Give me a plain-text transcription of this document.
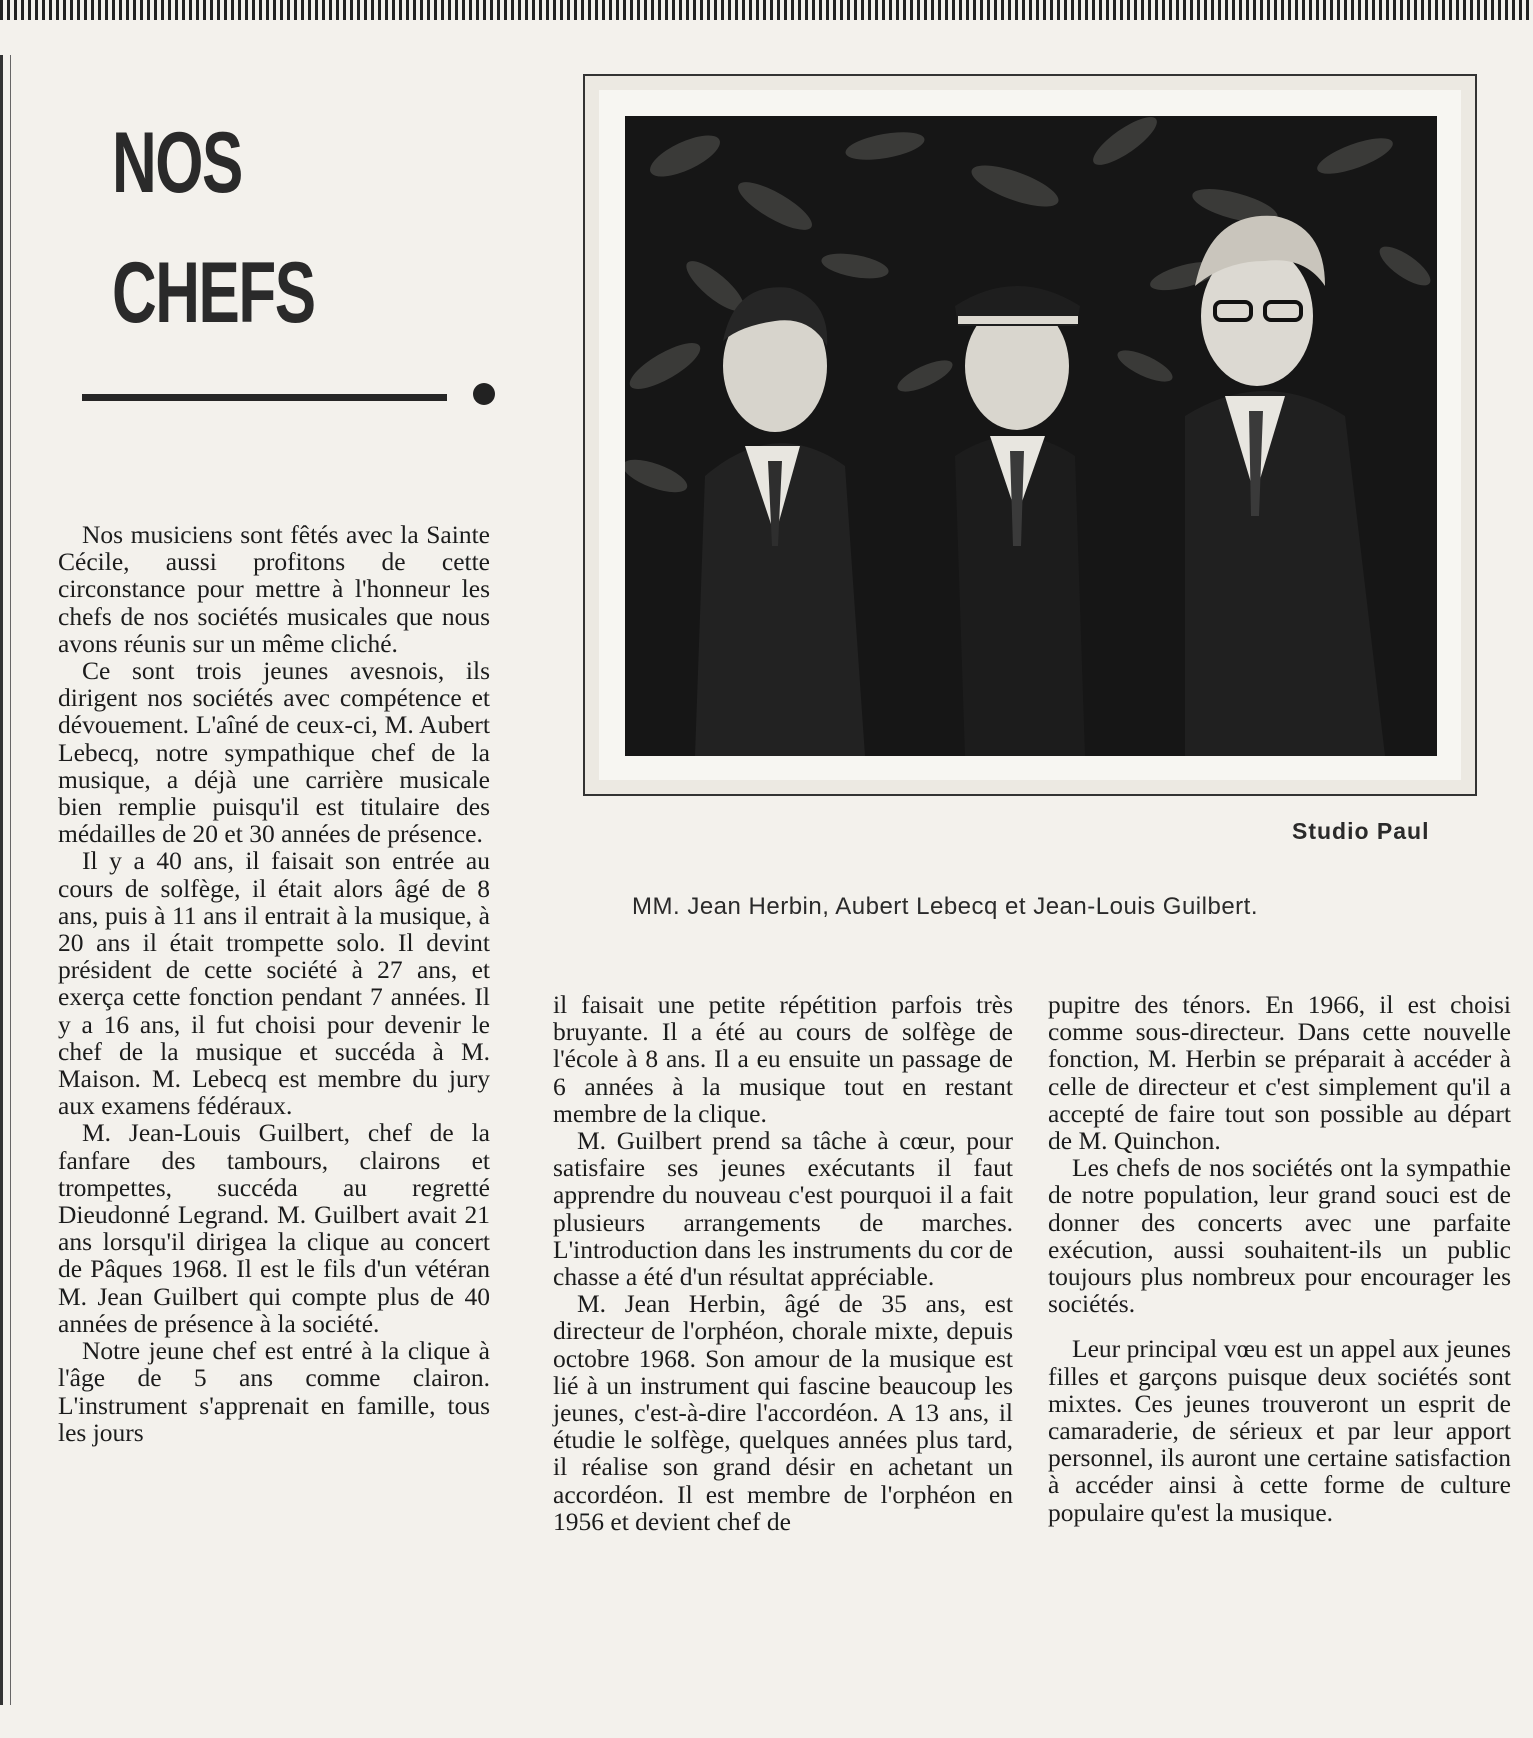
NOS
CHEFS
Studio Paul
MM. Jean Herbin, Aubert Lebecq et Jean-Louis Guilbert.

Nos musiciens sont fêtés avec la Sainte Cécile, aussi profitons de cette circonstance pour mettre à l'honneur les chefs de nos sociétés musicales que nous avons réunis sur un même cliché.

Ce sont trois jeunes avesnois, ils dirigent nos sociétés avec compétence et dévouement. L'aîné de ceux-ci, M. Aubert Lebecq, notre sympathique chef de la musique, a déjà une carrière musicale bien remplie puisqu'il est titulaire des médailles de 20 et 30 années de présence.

Il y a 40 ans, il faisait son entrée au cours de solfège, il était alors âgé de 8 ans, puis à 11 ans il entrait à la musique, à 20 ans il était trompette solo. Il devint président de cette société à 27 ans, et exerça cette fonction pendant 7 années. Il y a 16 ans, il fut choisi pour devenir le chef de la musique et succéda à M. Maison. M. Lebecq est membre du jury aux examens fédéraux.

M. Jean-Louis Guilbert, chef de la fanfare des tambours, clairons et trompettes, succéda au regretté Dieudonné Legrand. M. Guilbert avait 21 ans lorsqu'il dirigea la clique au concert de Pâques 1968. Il est le fils d'un vétéran M. Jean Guilbert qui compte plus de 40 années de présence à la société.

Notre jeune chef est entré à la clique à l'âge de 5 ans comme clairon. L'instrument s'apprenait en famille, tous les jours

il faisait une petite répétition parfois très bruyante. Il a été au cours de solfège de l'école à 8 ans. Il a eu ensuite un passage de 6 années à la musique tout en restant membre de la clique.

M. Guilbert prend sa tâche à cœur, pour satisfaire ses jeunes exécutants il faut apprendre du nouveau c'est pourquoi il a fait plusieurs arrangements de marches. L'introduction dans les instruments du cor de chasse a été d'un résultat appréciable.

M. Jean Herbin, âgé de 35 ans, est directeur de l'orphéon, chorale mixte, depuis octobre 1968. Son amour de la musique est lié à un instrument qui fascine beaucoup les jeunes, c'est-à-dire l'accordéon. A 13 ans, il étudie le solfège, quelques années plus tard, il réalise son grand désir en achetant un accordéon. Il est membre de l'orphéon en 1956 et devient chef de

pupitre des ténors. En 1966, il est choisi comme sous-directeur. Dans cette nouvelle fonction, M. Herbin se préparait à accéder à celle de directeur et c'est simplement qu'il a accepté de faire tout son possible au départ de M. Quinchon.

Les chefs de nos sociétés ont la sympathie de notre population, leur grand souci est de donner des concerts avec une parfaite exécution, aussi souhaitent-ils un public toujours plus nombreux pour encourager les sociétés.

Leur principal vœu est un appel aux jeunes filles et garçons puisque deux sociétés sont mixtes. Ces jeunes trouveront un esprit de camaraderie, de sérieux et par leur apport personnel, ils auront une certaine satisfaction à accéder ainsi à cette forme de culture populaire qu'est la musique.
